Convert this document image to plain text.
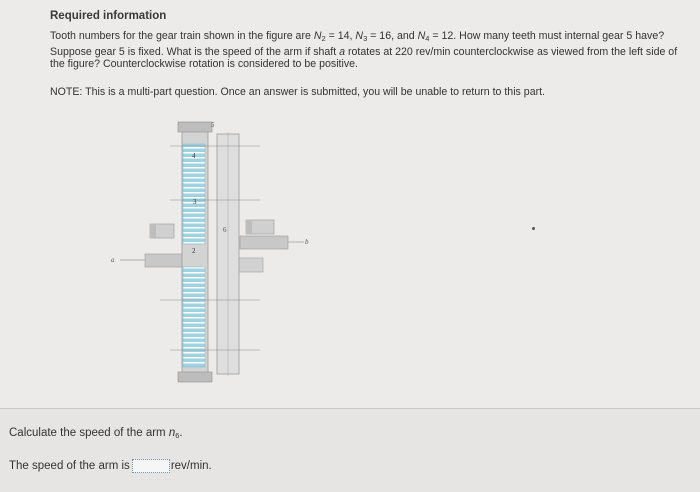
Required information
Tooth numbers for the gear train shown in the figure are $N_2 = 14$, $N_3 = 16$, and $N_4 = 12$. How many teeth must internal gear 5 have? Suppose gear 5 is fixed. What is the speed of the arm if shaft a rotates at 220 rev/min counterclockwise as viewed from the left side of the figure? Counterclockwise rotation is considered to be positive.
NOTE: This is a multi-part question. Once an answer is submitted, you will be unable to return to this part.
5
4
3
2
6
a
b
Calculate the speed of the arm $n_6$.
The speed of the arm is	rev/min.
